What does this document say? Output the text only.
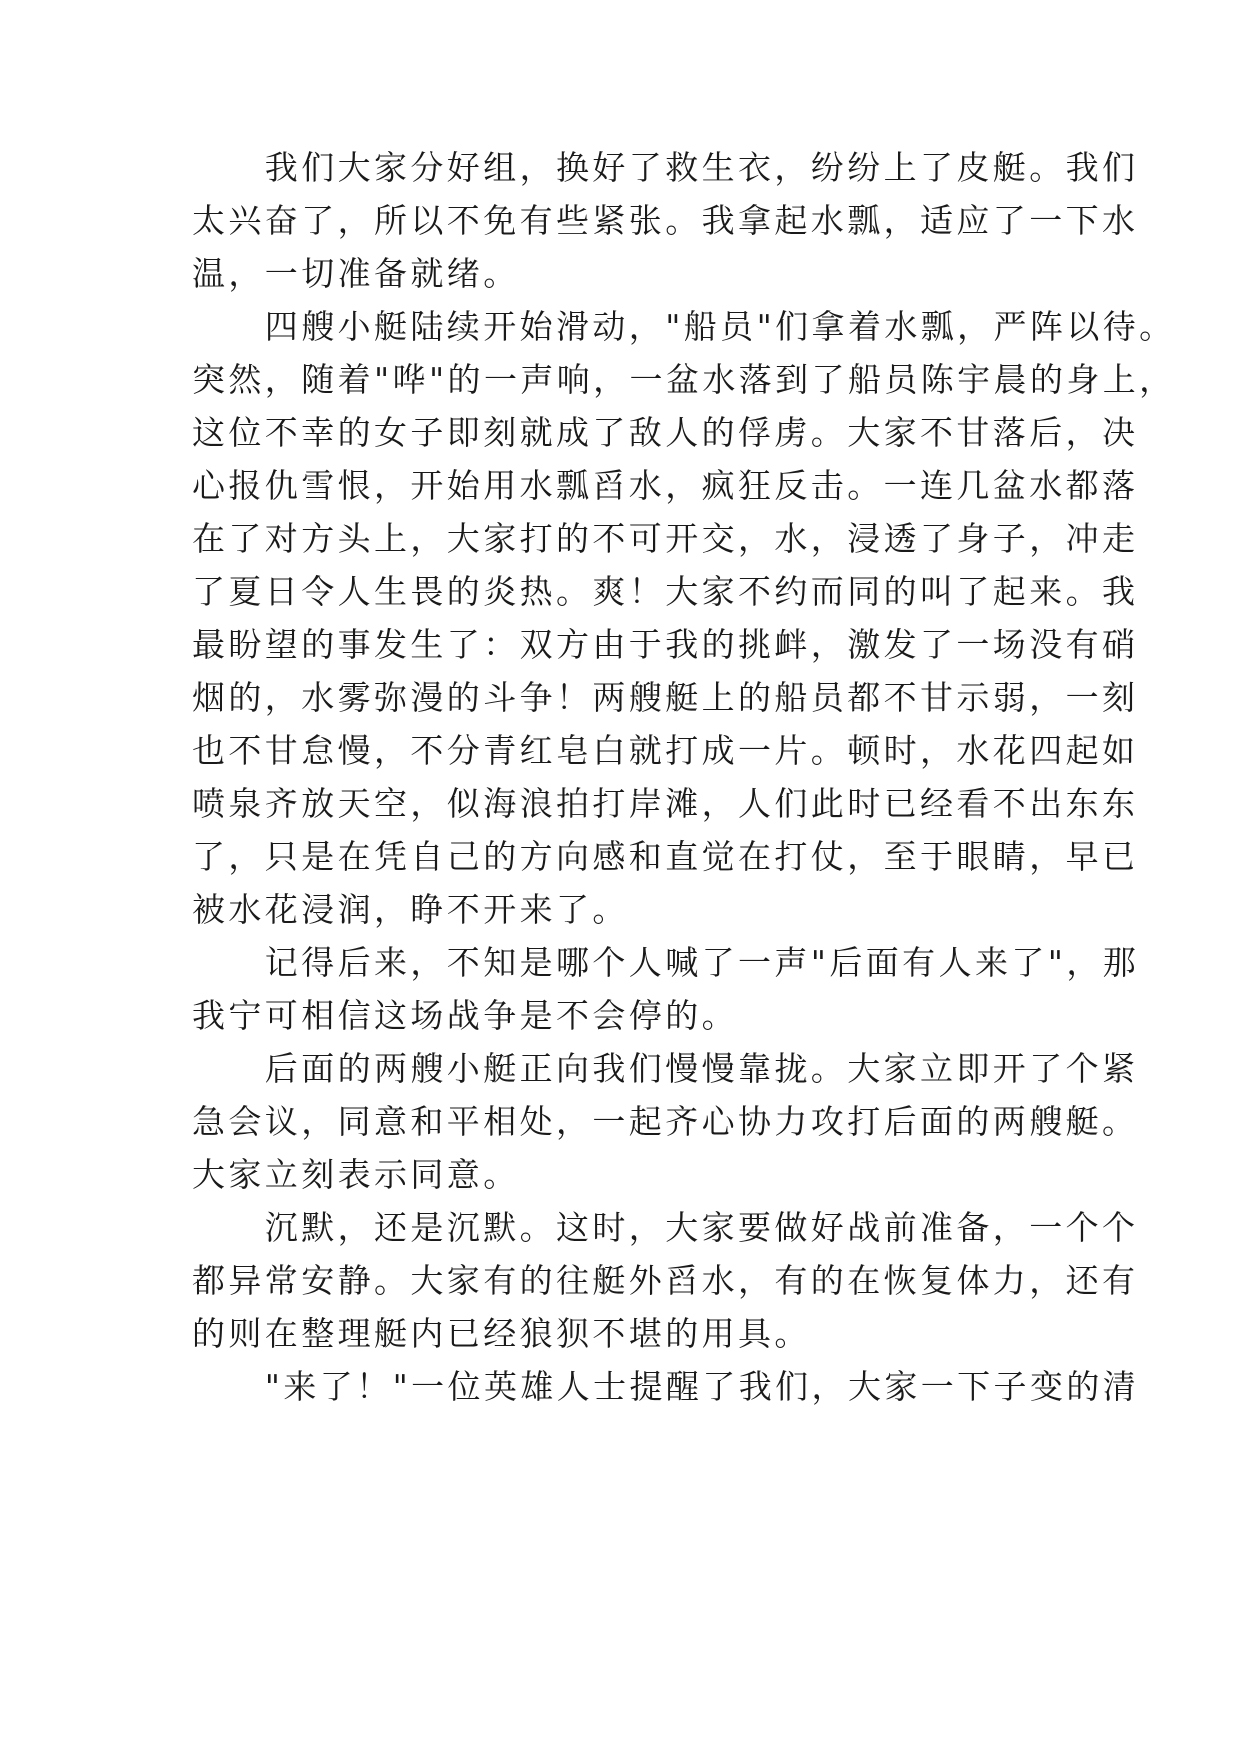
　　我们大家分好组，换好了救生衣，纷纷上了皮艇。我们
太兴奋了，所以不免有些紧张。我拿起水瓢，适应了一下水
温，一切准备就绪。
　　四艘小艇陆续开始滑动，"船员"们拿着水瓢，严阵以待。
突然，随着"哗"的一声响，一盆水落到了船员陈宇晨的身上，
这位不幸的女子即刻就成了敌人的俘虏。大家不甘落后，决
心报仇雪恨，开始用水瓢舀水，疯狂反击。一连几盆水都落
在了对方头上，大家打的不可开交，水，浸透了身子，冲走
了夏日令人生畏的炎热。爽！大家不约而同的叫了起来。我
最盼望的事发生了：双方由于我的挑衅，激发了一场没有硝
烟的，水雾弥漫的斗争！两艘艇上的船员都不甘示弱，一刻
也不甘怠慢，不分青红皂白就打成一片。顿时，水花四起如
喷泉齐放天空，似海浪拍打岸滩，人们此时已经看不出东东
了，只是在凭自己的方向感和直觉在打仗，至于眼睛，早已
被水花浸润，睁不开来了。
　　记得后来，不知是哪个人喊了一声"后面有人来了"，那
我宁可相信这场战争是不会停的。
　　后面的两艘小艇正向我们慢慢靠拢。大家立即开了个紧
急会议，同意和平相处，一起齐心协力攻打后面的两艘艇。
大家立刻表示同意。
　　沉默，还是沉默。这时，大家要做好战前准备，一个个
都异常安静。大家有的往艇外舀水，有的在恢复体力，还有
的则在整理艇内已经狼狈不堪的用具。
　　"来了！"一位英雄人士提醒了我们，大家一下子变的清
